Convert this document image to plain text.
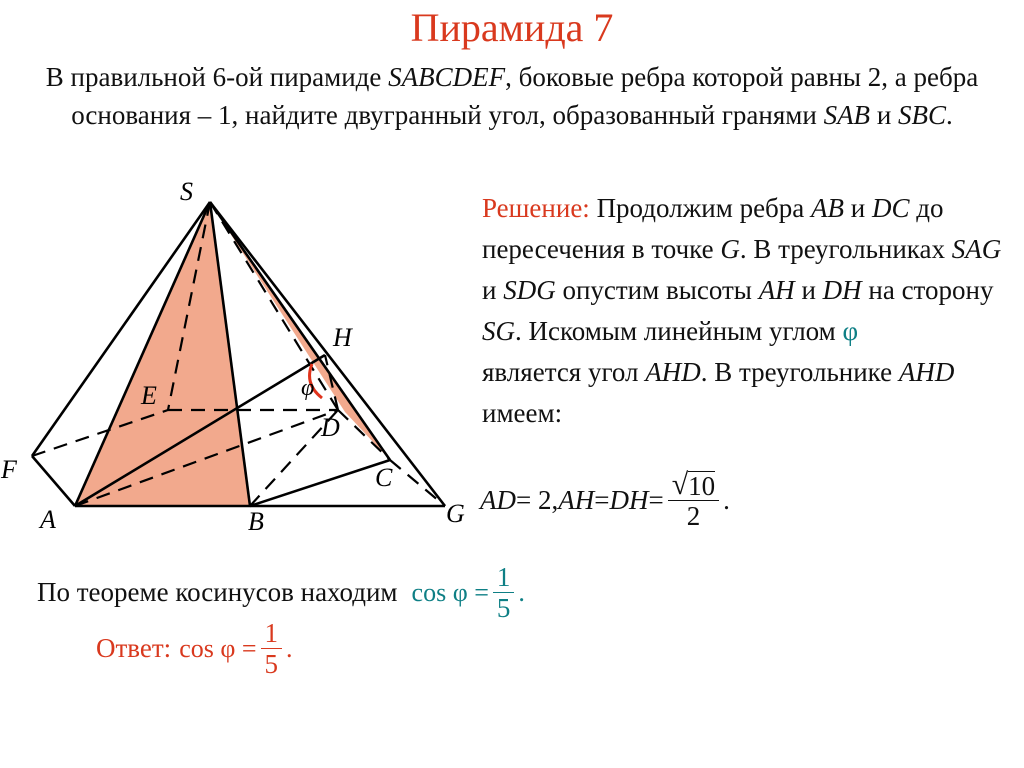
Пирамида 7
В правильной 6-ой пирамиде SABCDEF, боковые ребра которой равны 2, а ребра основания – 1, найдите двугранный угол, образованный гранями SAB и SBC.
S
H
E
F
D
C
A	B	G
φ
Решение: Продолжим ребра AB и DC до пересечения в точке G. В треугольниках SAG и SDG опустим высоты AH и DH на сторону SG. Искомым линейным углом φ
является угол AHD. В треугольнике AHD имеем:
AD = 2, AH = DH = $\frac{√ 10}{2}$ .
По теореме косинусов находим $\cos \varphi = \frac{1}{5}$ .
Ответ: $\cos \varphi = \frac{1}{5}$ .
